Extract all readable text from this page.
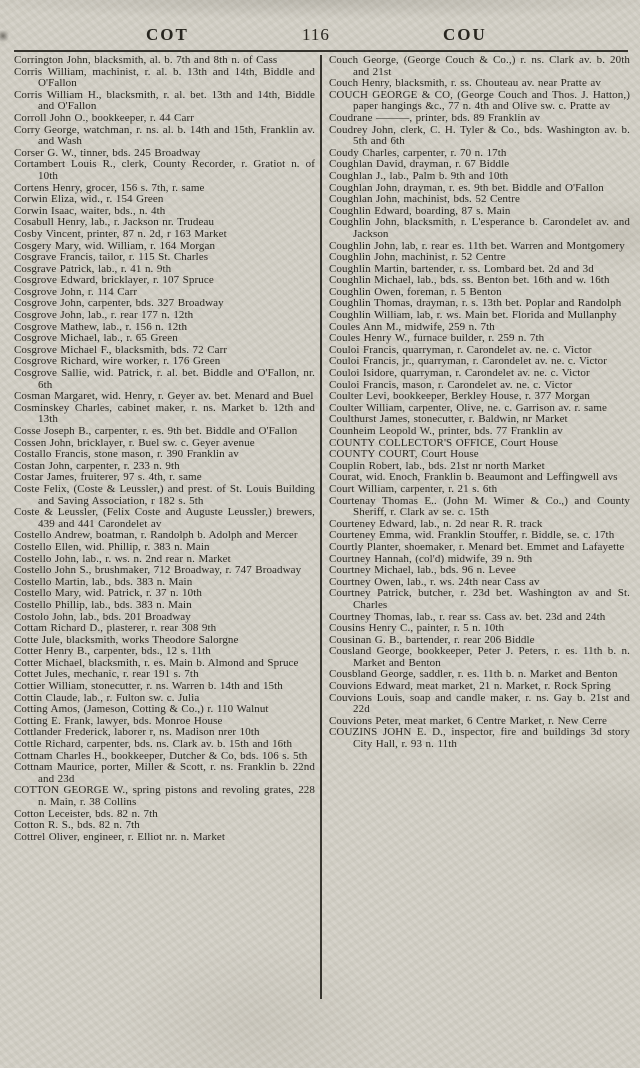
COT	116	COU

Corrington John, blacksmith, al. b. 7th and 8th n. of Cass

Corris William, machinist, r. al. b. 13th and 14th, Biddle and O'Fallon

Corris William H., blacksmith, r. al. bet. 13th and 14th, Biddle and O'Fallon

Corroll John O., bookkeeper, r. 44 Carr

Corry George, watchman, r. ns. al. b. 14th and 15th, Franklin av. and Wash

Corser G. W., tinner, bds. 245 Broadway

Cortambert Louis R., clerk, County Recorder, r. Gratiot n. of 10th

Cortens Henry, grocer, 156 s. 7th, r. same

Corwin Eliza, wid., r. 154 Green

Corwin Isaac, waiter, bds., n. 4th

Cosabull Henry, lab., r. Jackson nr. Trudeau

Cosby Vincent, printer, 87 n. 2d, r 163 Market

Cosgery Mary, wid. William, r. 164 Morgan

Cosgrave Francis, tailor, r. 115 St. Charles

Cosgrave Patrick, lab., r. 41 n. 9th

Cosgrove Edward, bricklayer, r. 107 Spruce

Cosgrove John, r. 114 Carr

Cosgrove John, carpenter, bds. 327 Broadway

Cosgrove John, lab., r. rear 177 n. 12th

Cosgrove Mathew, lab., r. 156 n. 12th

Cosgrove Michael, lab., r. 65 Green

Cosgrove Michael F., blacksmith, bds. 72 Carr

Cosgrove Richard, wire worker, r. 176 Green

Cosgrove Sallie, wid. Patrick, r. al. bet. Biddle and O'Fallon, nr. 6th

Cosman Margaret, wid. Henry, r. Geyer av. bet. Menard and Buel

Cosminskey Charles, cabinet maker, r. ns. Market b. 12th and 13th

Cosse Joseph B., carpenter, r. es. 9th bet. Biddle and O'Fallon

Cossen John, bricklayer, r. Buel sw. c. Geyer avenue

Costallo Francis, stone mason, r. 390 Franklin av

Costan John, carpenter, r. 233 n. 9th

Costar James, fruiterer, 97 s. 4th, r. same

Coste Felix, (Coste & Leussler,) and prest. of St. Louis Building and Saving Association, r 182 s. 5th

Coste & Leussler, (Felix Coste and Auguste Leussler,) brewers, 439 and 441 Carondelet av

Costello Andrew, boatman, r. Randolph b. Adolph and Mercer

Costello Ellen, wid. Phillip, r. 383 n. Main

Costello John, lab., r. ws. n. 2nd rear n. Market

Costello John S., brushmaker, 712 Broadway, r. 747 Broadway

Costello Martin, lab., bds. 383 n. Main

Costello Mary, wid. Patrick, r. 37 n. 10th

Costello Phillip, lab., bds. 383 n. Main

Costolo John, lab., bds. 201 Broadway

Cottam Richard D., plasterer, r. rear 308 9th

Cotte Jule, blacksmith, works Theodore Salorgne

Cotter Henry B., carpenter, bds., 12 s. 11th

Cotter Michael, blacksmith, r. es. Main b. Almond and Spruce

Cottet Jules, mechanic, r. rear 191 s. 7th

Cottier William, stonecutter, r. ns. Warren b. 14th and 15th

Cottin Claude, lab., r. Fulton sw. c. Julia

Cotting Amos, (Jameson, Cotting & Co.,) r. 110 Walnut

Cotting E. Frank, lawyer, bds. Monroe House

Cottlander Frederick, laborer r, ns. Madison nrer 10th

Cottle Richard, carpenter, bds. ns. Clark av. b. 15th and 16th

Cottnam Charles H., bookkeeper, Dutcher & Co, bds. 106 s. 5th

Cottnam Maurice, porter, Miller & Scott, r. ns. Franklin b. 22nd and 23d

COTTON GEORGE W., spring pistons and revoling grates, 228 n. Main, r. 38 Collins

Cotton Leceister, bds. 82 n. 7th

Cotton R. S., bds. 82 n. 7th

Cottrel Oliver, engineer, r. Elliot nr. n. Market

Couch George, (George Couch & Co.,) r. ns. Clark av. b. 20th and 21st

Couch Henry, blacksmith, r. ss. Chouteau av. near Pratte av

COUCH GEORGE & CO, (George Couch and Thos. J. Hatton,) paper hangings &c., 77 n. 4th and Olive sw. c. Pratte av

Coudrane ———, printer, bds. 89 Franklin av

Coudrey John, clerk, C. H. Tyler & Co., bds. Washington av. b. 5th and 6th

Coudy Charles, carpenter, r. 70 n. 17th

Coughlan David, drayman, r. 67 Biddle

Coughlan J., lab., Palm b. 9th and 10th

Coughlan John, drayman, r. es. 9th bet. Biddle and O'Fallon

Coughlan John, machinist, bds. 52 Centre

Coughlin Edward, boarding, 87 s. Main

Coughlin John, blacksmith, r. L'esperance b. Carondelet av. and Jackson

Coughlin John, lab, r. rear es. 11th bet. Warren and Montgomery

Coughlin John, machinist, r. 52 Centre

Coughlin Martin, bartender, r. ss. Lombard bet. 2d and 3d

Coughlin Michael, lab., bds. ss. Benton bet. 16th and w. 16th

Coughlin Owen, foreman, r. 5 Benton

Coughlin Thomas, drayman, r. s. 13th bet. Poplar and Randolph

Coughlin William, lab, r. ws. Main bet. Florida and Mullanphy

Coules Ann M., midwife, 259 n. 7th

Coules Henry W., furnace builder, r. 259 n. 7th

Couloi Francis, quarryman, r. Carondelet av. ne. c. Victor

Couloi Francis, jr., quarryman, r. Carondelet av. ne. c. Victor

Couloi Isidore, quarryman, r. Carondelet av. ne. c. Victor

Couloi Francis, mason, r. Carondelet av. ne. c. Victor

Coulter Levi, bookkeeper, Berkley House, r. 377 Morgan

Coulter William, carpenter, Olive, ne. c. Garrison av. r. same

Coulthurst James, stonecutter, r. Baldwin, nr Market

Counheim Leopold W., printer, bds. 77 Franklin av

COUNTY COLLECTOR'S OFFICE, Court House

COUNTY COURT, Court House

Couplin Robert, lab., bds. 21st nr north Market

Courat, wid. Enoch, Franklin b. Beaumont and Leffingwell avs

Court William, carpenter, r. 21 s. 6th

Courtenay Thomas E.. (John M. Wimer & Co.,) and County Sheriff, r. Clark av se. c. 15th

Courteney Edward, lab., n. 2d near R. R. track

Courteney Emma, wid. Franklin Stouffer, r. Biddle, se. c. 17th

Courtly Planter, shoemaker, r. Menard bet. Emmet and Lafayette

Courtney Hannah, (col'd) midwife, 39 n. 9th

Courtney Michael, lab., bds. 96 n. Levee

Courtney Owen, lab., r. ws. 24th near Cass av

Courtney Patrick, butcher, r. 23d bet. Washington av and St. Charles

Courtney Thomas, lab., r. rear ss. Cass av. bet. 23d and 24th

Cousins Henry C., painter, r. 5 n. 10th

Cousinan G. B., bartender, r. rear 206 Biddle

Cousland George, bookkeeper, Peter J. Peters, r. es. 11th b. n. Market and Benton

Cousbland George, saddler, r. es. 11th b. n. Market and Benton

Couvions Edward, meat market, 21 n. Market, r. Rock Spring

Couvions Louis, soap and candle maker, r. ns. Gay b. 21st and 22d

Couvions Peter, meat market, 6 Centre Market, r. New Cerre

COUZINS JOHN E. D., inspector, fire and buildings 3d story City Hall, r. 93 n. 11th
